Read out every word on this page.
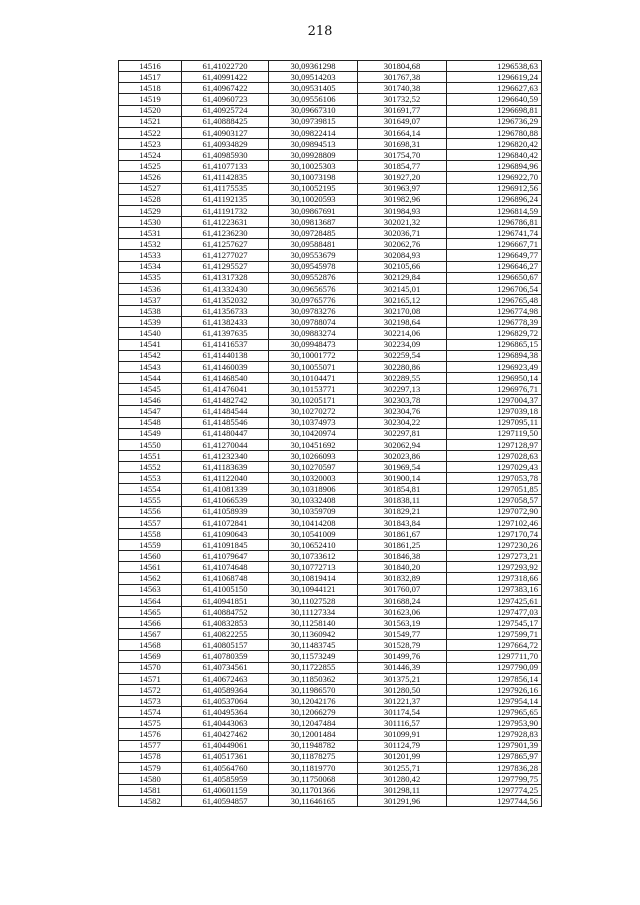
218
14516	61,41022720	30,09361298	301804,68	1296538,63
14517	61,40991422	30,09514203	301767,38	1296619,24
14518	61,40967422	30,09531405	301740,38	1296627,63
14519	61,40960723	30,09556106	301732,52	1296640,59
14520	61,40925724	30,09667310	301691,77	1296698,81
14521	61,40888425	30,09739815	301649,07	1296736,29
14522	61,40903127	30,09822414	301664,14	1296780,88
14523	61,40934829	30,09894513	301698,31	1296820,42
14524	61,40985930	30,09928809	301754,70	1296840,42
14525	61,41077133	30,10025303	301854,77	1296894,96
14526	61,41142835	30,10073198	301927,20	1296922,70
14527	61,41175535	30,10052195	301963,97	1296912,56
14528	61,41192135	30,10020593	301982,96	1296896,24
14529	61,41191732	30,09867691	301984,93	1296814,59
14530	61,41223631	30,09813687	302021,32	1296786,81
14531	61,41236230	30,09728485	302036,71	1296741,74
14532	61,41257627	30,09588481	302062,76	1296667,71
14533	61,41277027	30,09553679	302084,93	1296649,77
14534	61,41295527	30,09545978	302105,66	1296646,27
14535	61,41317328	30,09552876	302129,84	1296650,67
14536	61,41332430	30,09656576	302145,01	1296706,54
14537	61,41352032	30,09765776	302165,12	1296765,48
14538	61,41356733	30,09783276	302170,08	1296774,98
14539	61,41382433	30,09788074	302198,64	1296778,39
14540	61,41397635	30,09883274	302214,06	1296829,72
14541	61,41416537	30,09948473	302234,09	1296865,15
14542	61,41440138	30,10001772	302259,54	1296894,38
14543	61,41460039	30,10055071	302280,86	1296923,49
14544	61,41468540	30,10104471	302289,55	1296950,14
14545	61,41476041	30,10153771	302297,13	1296976,71
14546	61,41482742	30,10205171	302303,78	1297004,37
14547	61,41484544	30,10270272	302304,76	1297039,18
14548	61,41485546	30,10374973	302304,22	1297095,11
14549	61,41480447	30,10420974	302297,81	1297119,50
14550	61,41270044	30,10451692	302062,94	1297128,97
14551	61,41232340	30,10266093	302023,86	1297028,63
14552	61,41183639	30,10270597	301969,54	1297029,43
14553	61,41122040	30,10320003	301900,14	1297053,78
14554	61,41081339	30,10318906	301854,81	1297051,85
14555	61,41066539	30,10332408	301838,11	1297058,57
14556	61,41058939	30,10359709	301829,21	1297072,90
14557	61,41072841	30,10414208	301843,84	1297102,46
14558	61,41090643	30,10541009	301861,67	1297170,74
14559	61,41091845	30,10652410	301861,25	1297230,26
14560	61,41079647	30,10733612	301846,38	1297273,21
14561	61,41074648	30,10772713	301840,20	1297293,92
14562	61,41068748	30,10819414	301832,89	1297318,66
14563	61,41005150	30,10944121	301760,07	1297383,16
14564	61,40941851	30,11027528	301688,24	1297425,61
14565	61,40884752	30,11127334	301623,06	1297477,03
14566	61,40832853	30,11258140	301563,19	1297545,17
14567	61,40822255	30,11360942	301549,77	1297599,71
14568	61,40805157	30,11483745	301528,79	1297664,72
14569	61,40780359	30,11573249	301499,76	1297711,70
14570	61,40734561	30,11722855	301446,39	1297790,09
14571	61,40672463	30,11850362	301375,21	1297856,14
14572	61,40589364	30,11986570	301280,50	1297926,16
14573	61,40537064	30,12042176	301221,37	1297954,14
14574	61,40495364	30,12066279	301174,54	1297965,65
14575	61,40443063	30,12047484	301116,57	1297953,90
14576	61,40427462	30,12001484	301099,91	1297928,83
14577	61,40449061	30,11948782	301124,79	1297901,39
14578	61,40517361	30,11878275	301201,99	1297865,97
14579	61,40564760	30,11819770	301255,71	1297836,28
14580	61,40585959	30,11750068	301280,42	1297799,75
14581	61,40601159	30,11701366	301298,11	1297774,25
14582	61,40594857	30,11646165	301291,96	1297744,56
